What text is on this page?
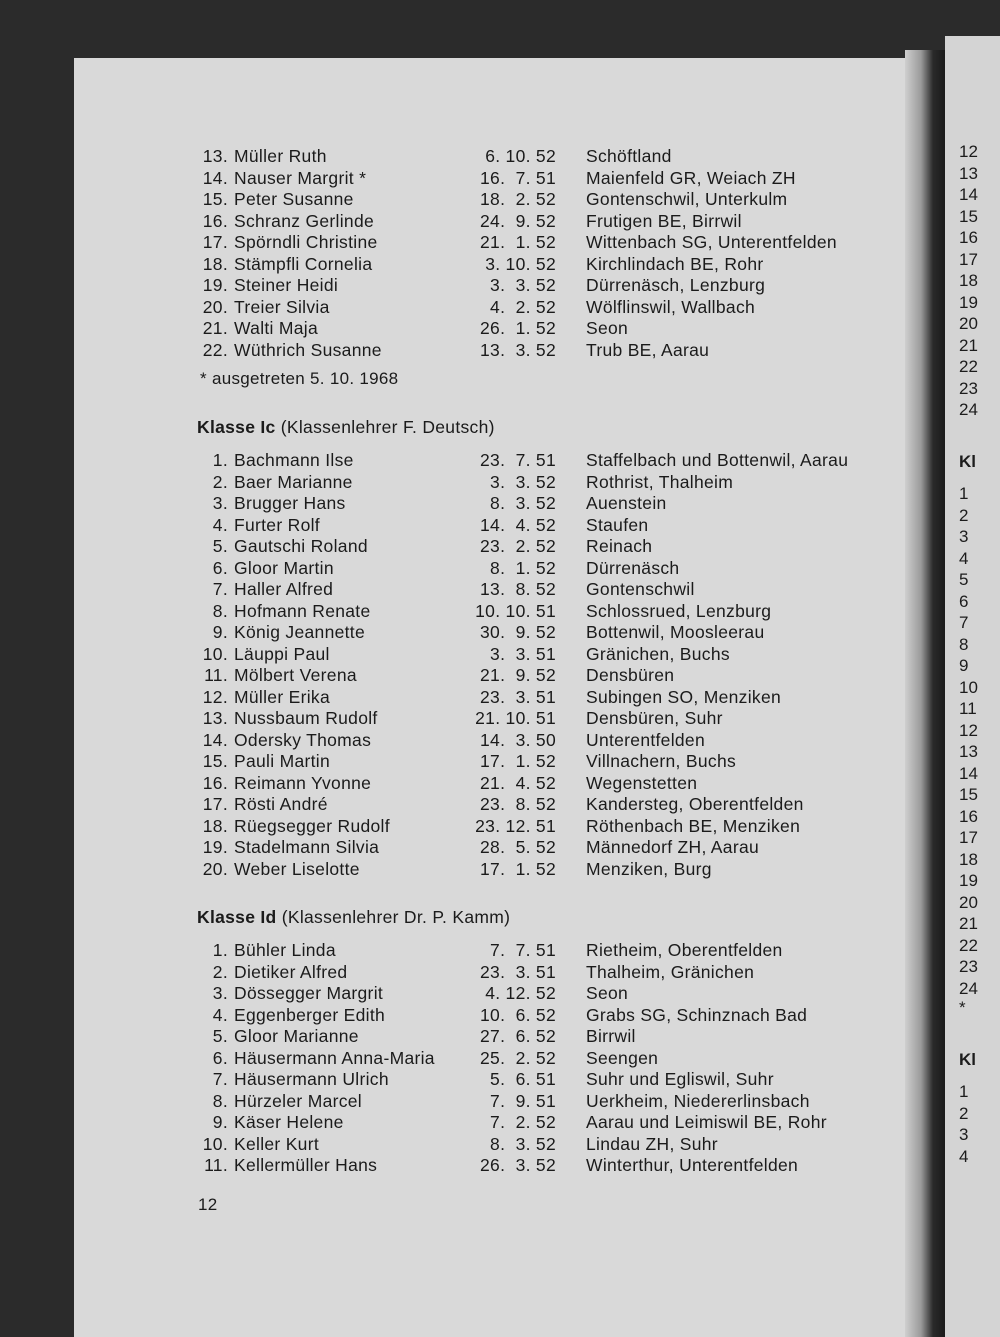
13. Müller Ruth	6. 10. 52 Schöftland
14. Nauser Margrit *	16.  7. 51 Maienfeld GR, Weiach ZH
15. Peter Susanne	18.  2. 52 Gontenschwil, Unterkulm
16. Schranz Gerlinde	24.  9. 52 Frutigen BE, Birrwil
17. Spörndli Christine	21.  1. 52 Wittenbach SG, Unterentfelden
18. Stämpfli Cornelia	3. 10. 52 Kirchlindach BE, Rohr
19. Steiner Heidi	3.  3. 52 Dürrenäsch, Lenzburg
20. Treier Silvia	4.  2. 52 Wölflinswil, Wallbach
21. Walti Maja	26.  1. 52 Seon
22. Wüthrich Susanne	13.  3. 52 Trub BE, Aarau
* ausgetreten 5. 10. 1968
Klasse Ic (Klassenlehrer F. Deutsch)
1. Bachmann Ilse	23.  7. 51 Staffelbach und Bottenwil, Aarau
2. Baer Marianne	3.  3. 52 Rothrist, Thalheim
3. Brugger Hans	8.  3. 52 Auenstein
4. Furter Rolf	14.  4. 52 Staufen
5. Gautschi Roland	23.  2. 52 Reinach
6. Gloor Martin	8.  1. 52 Dürrenäsch
7. Haller Alfred	13.  8. 52 Gontenschwil
8. Hofmann Renate	10. 10. 51 Schlossrued, Lenzburg
9. König Jeannette	30.  9. 52 Bottenwil, Moosleerau
10. Läuppi Paul	3.  3. 51 Gränichen, Buchs
11. Mölbert Verena	21.  9. 52 Densbüren
12. Müller Erika	23.  3. 51 Subingen SO, Menziken
13. Nussbaum Rudolf	21. 10. 51 Densbüren, Suhr
14. Odersky Thomas	14.  3. 50 Unterentfelden
15. Pauli Martin	17.  1. 52 Villnachern, Buchs
16. Reimann Yvonne	21.  4. 52 Wegenstetten
17. Rösti André	23.  8. 52 Kandersteg, Oberentfelden
18. Rüegsegger Rudolf	23. 12. 51 Röthenbach BE, Menziken
19. Stadelmann Silvia	28.  5. 52 Männedorf ZH, Aarau
20. Weber Liselotte	17.  1. 52 Menziken, Burg
Klasse Id (Klassenlehrer Dr. P. Kamm)
1. Bühler Linda	7.  7. 51 Rietheim, Oberentfelden
2. Dietiker Alfred	23.  3. 51 Thalheim, Gränichen
3. Dössegger Margrit	4. 12. 52 Seon
4. Eggenberger Edith	10.  6. 52 Grabs SG, Schinznach Bad
5. Gloor Marianne	27.  6. 52 Birrwil
6. Häusermann Anna-Maria	25.  2. 52 Seengen
7. Häusermann Ulrich	5.  6. 51 Suhr und Egliswil, Suhr
8. Hürzeler Marcel	7.  9. 51 Uerkheim, Niedererlinsbach
9. Käser Helene	7.  2. 52 Aarau und Leimiswil BE, Rohr
10. Keller Kurt	8.  3. 52 Lindau ZH, Suhr
11. Kellermüller Hans	26.  3. 52 Winterthur, Unterentfelden
12
12
13
14
15
16
17
18
19
20
21
22
23
24
Kl
1
2
3
4
5
6
7
8
9
10
11
12
13
14
15
16
17
18
19
20
21
22
23
24
*
Kl
1
2
3
4
